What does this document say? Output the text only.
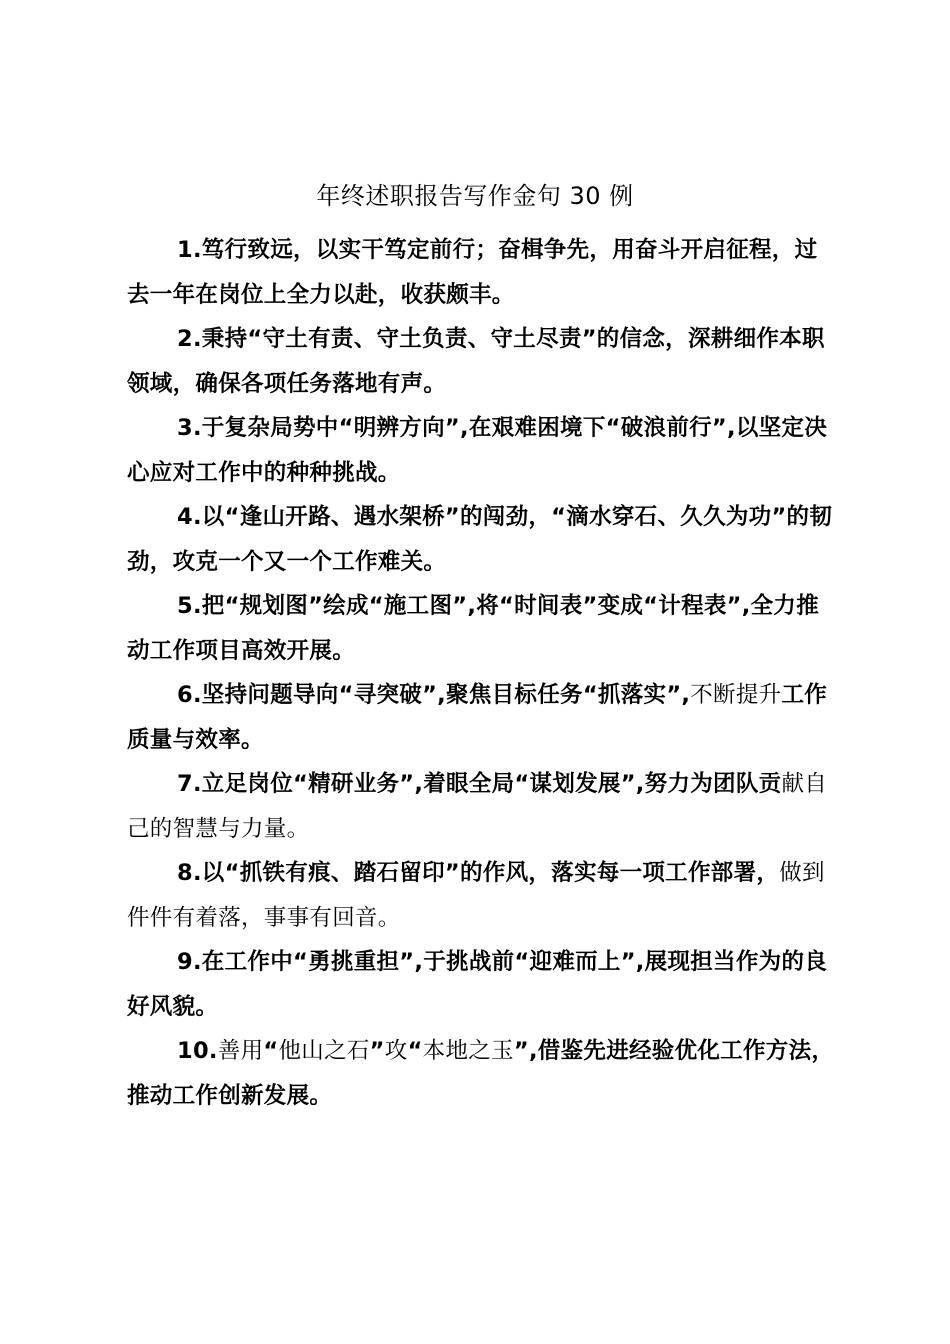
年终述职报告写作金句 30 例

1.笃行致远，以实干笃定前行；奋楫争先，用奋斗开启征程，过去一年在岗位上全力以赴，收获颇丰。

2.秉持“守土有责、守土负责、守土尽责”的信念，深耕细作本职领域，确保各项任务落地有声。

3.于复杂局势中“明辨方向”,在艰难困境下“破浪前行”,以坚定决心应对工作中的种种挑战。

4.以“逢山开路、遇水架桥”的闯劲，“滴水穿石、久久为功”的韧劲，攻克一个又一个工作难关。

5.把“规划图”绘成“施工图”,将“时间表”变成“计程表”,全力推动工作项目高效开展。

6.坚持问题导向“寻突破”,聚焦目标任务“抓落实”,不断提升工作质量与效率。

7.立足岗位“精研业务”,着眼全局“谋划发展”,努力为团队贡献自己的智慧与力量。

8.以“抓铁有痕、踏石留印”的作风，落实每一项工作部署，做到件件有着落，事事有回音。

9.在工作中“勇挑重担”,于挑战前“迎难而上”,展现担当作为的良好风貌。

10.善用“他山之石”攻“本地之玉”,借鉴先进经验优化工作方法，推动工作创新发展。
